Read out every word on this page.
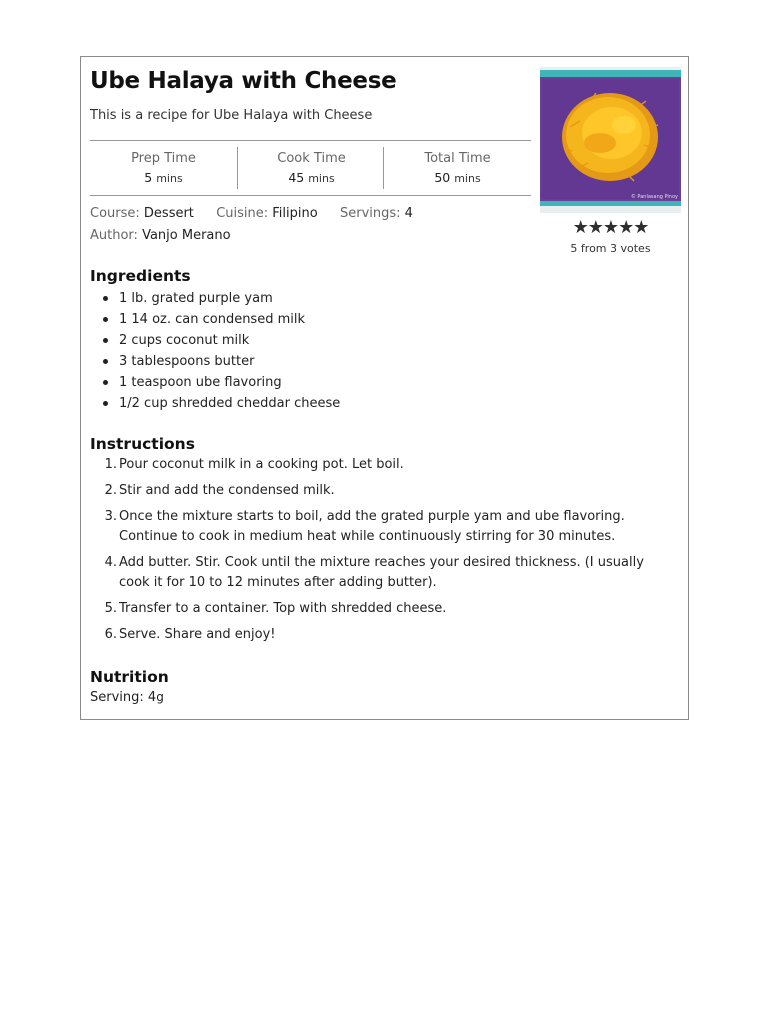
Ube Halaya with Cheese
This is a recipe for Ube Halaya with Cheese
Prep Time
5 mins
Cook Time
45 mins
Total Time
50 mins
Course: Dessert Cuisine: Filipino Servings: 4
Author: Vanjo Merano
© Panlasang Pinoy
★★★★★
5 from 3 votes
Ingredients
1 lb. grated purple yam
1 14 oz. can condensed milk
2 cups coconut milk
3 tablespoons butter
1 teaspoon ube flavoring
1/2 cup shredded cheddar cheese
Instructions
1. Pour coconut milk in a cooking pot. Let boil.
2. Stir and add the condensed milk.
3. Once the mixture starts to boil, add the grated purple yam and ube flavoring. Continue to cook in medium heat while continuously stirring for 30 minutes.
4. Add butter. Stir. Cook until the mixture reaches your desired thickness. (I usually cook it for 10 to 12 minutes after adding butter).
5. Transfer to a container. Top with shredded cheese.
6. Serve. Share and enjoy!
Nutrition
Serving: 4g
